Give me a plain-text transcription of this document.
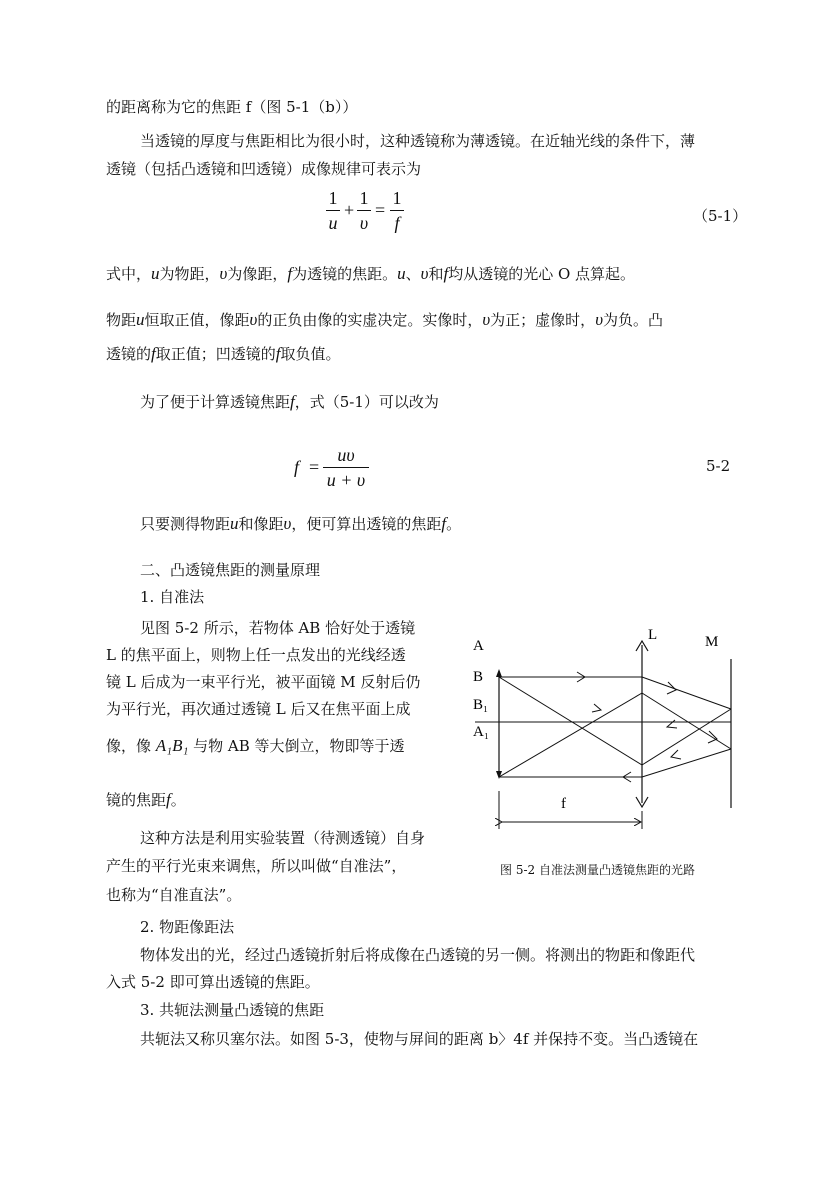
的距离称为它的焦距 f（图 5-1（b））
当透镜的厚度与焦距相比为很小时，这种透镜称为薄透镜。在近轴光线的条件下，薄
透镜（包括凸透镜和凹透镜）成像规律可表示为
1
u
+
1
υ
=
1
f	（5-1）
式中，u为物距，υ为像距，f为透镜的焦距。u、υ和f均从透镜的光心 O 点算起。
物距u恒取正值，像距υ的正负由像的实虚决定。实像时，υ为正；虚像时，υ为负。凸
透镜的f取正值；凹透镜的f取负值。
为了便于计算透镜焦距f，式（5-1）可以改为
f =
uυ
u + υ
5-2
只要测得物距u和像距υ，便可算出透镜的焦距f。
二、凸透镜焦距的测量原理
1. 自准法
见图 5-2 所示，若物体 AB 恰好处于透镜
L 的焦平面上，则物上任一点发出的光线经透
镜 L 后成为一束平行光，被平面镜 M 反射后仍
为平行光，再次通过透镜 L 后又在焦平面上成
像，像 A₁B₁ 与物 AB 等大倒立，物即等于透
镜的焦距f。
这种方法是利用实验装置（待测透镜）自身
产生的平行光束来调焦，所以叫做“自准法”，
也称为“自准直法”。
A
B
B₁
A₁
L	M
f
图 5-2 自准法测量凸透镜焦距的光路
2. 物距像距法
物体发出的光，经过凸透镜折射后将成像在凸透镜的另一侧。将测出的物距和像距代
入式 5-2 即可算出透镜的焦距。
3. 共轭法测量凸透镜的焦距
共轭法又称贝塞尔法。如图 5-3，使物与屏间的距离 b〉4f 并保持不变。当凸透镜在
